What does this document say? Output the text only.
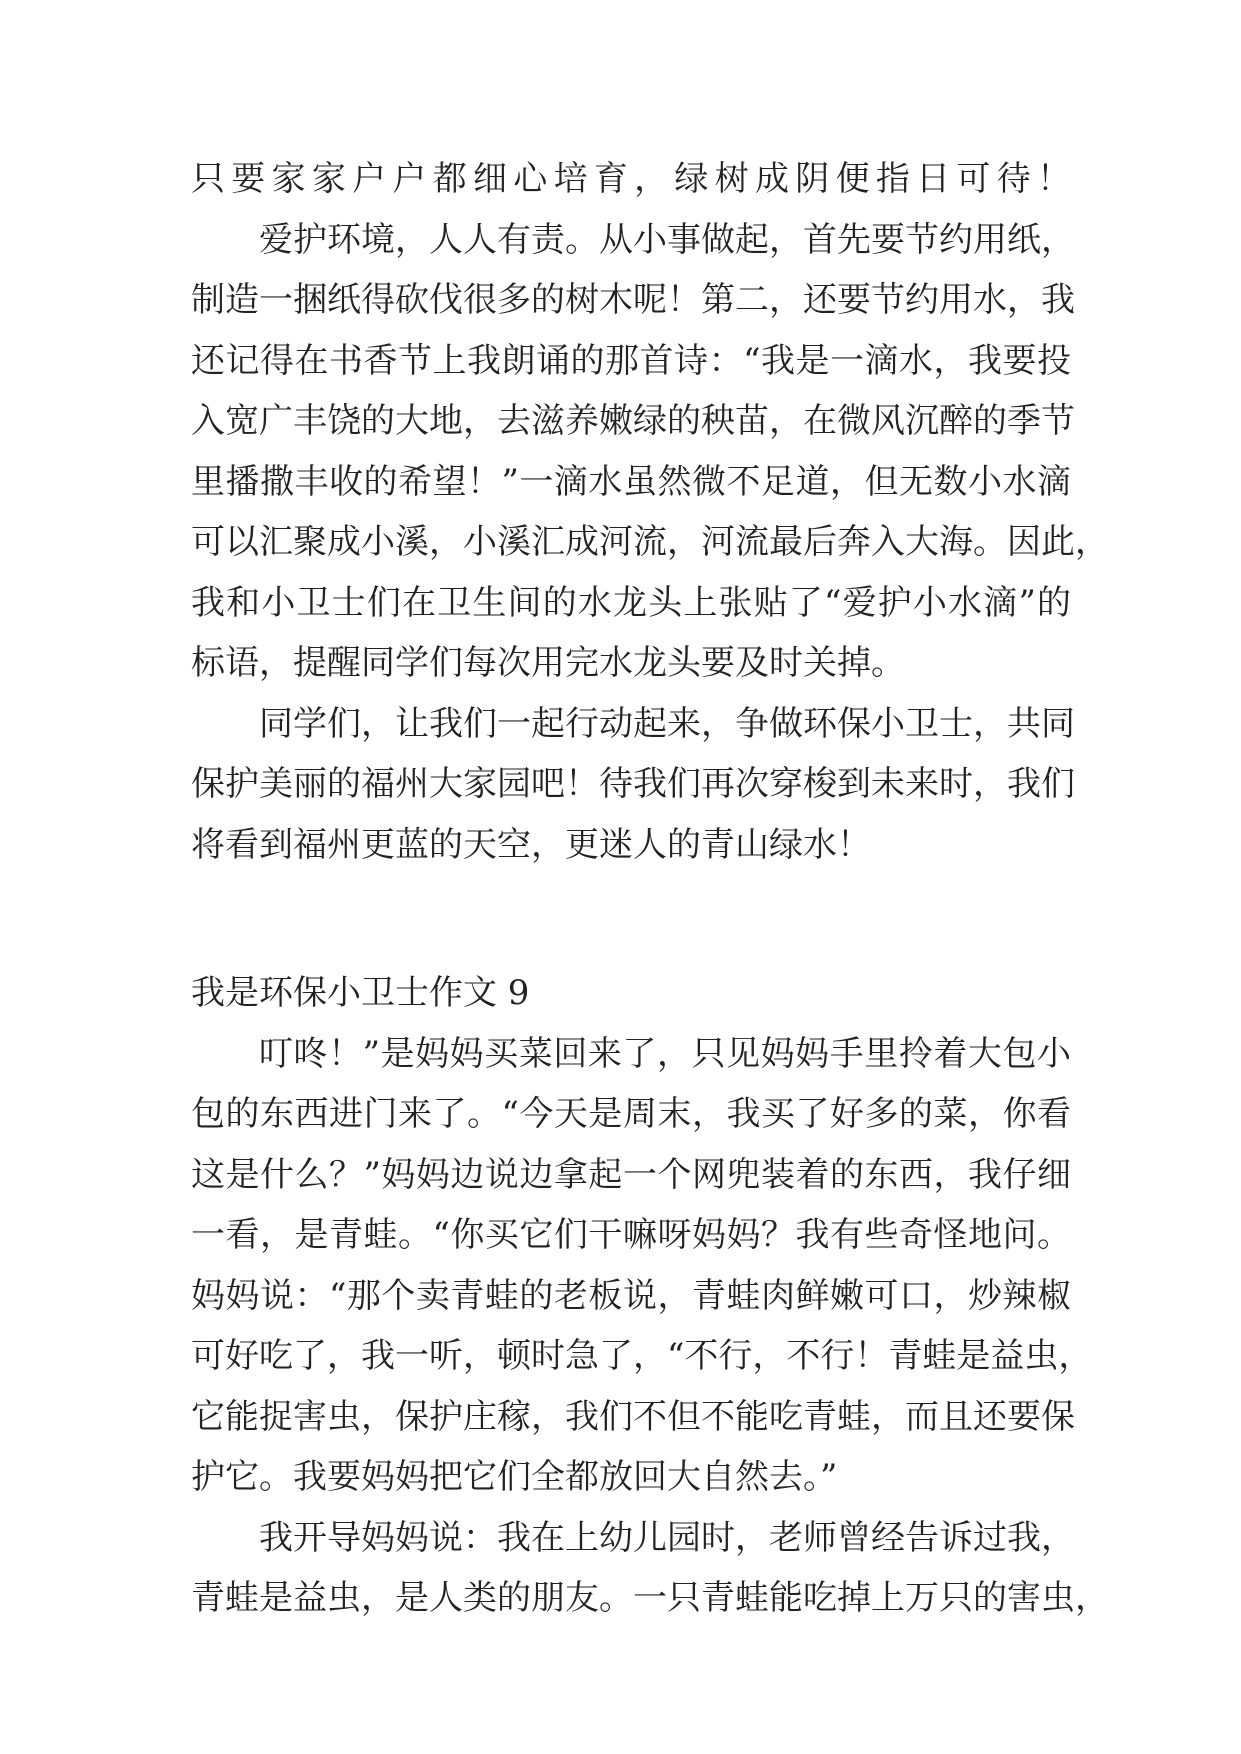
只要家家户户都细心培育，绿树成阴便指日可待！
爱护环境，人人有责。从小事做起，首先要节约用纸，
制造一捆纸得砍伐很多的树木呢！第二，还要节约用水，我
还记得在书香节上我朗诵的那首诗：“我是一滴水，我要投
入宽广丰饶的大地，去滋养嫩绿的秧苗，在微风沉醉的季节
里播撒丰收的希望！”一滴水虽然微不足道，但无数小水滴
可以汇聚成小溪，小溪汇成河流，河流最后奔入大海。因此，
我和小卫士们在卫生间的水龙头上张贴了“爱护小水滴”的
标语，提醒同学们每次用完水龙头要及时关掉。
同学们，让我们一起行动起来，争做环保小卫士，共同
保护美丽的福州大家园吧！待我们再次穿梭到未来时，我们
将看到福州更蓝的天空，更迷人的青山绿水！
我是环保小卫士作文 9
叮咚！”是妈妈买菜回来了，只见妈妈手里拎着大包小
包的东西进门来了。“今天是周末，我买了好多的菜，你看
这是什么？”妈妈边说边拿起一个网兜装着的东西，我仔细
一看，是青蛙。“你买它们干嘛呀妈妈？我有些奇怪地问。
妈妈说：“那个卖青蛙的老板说，青蛙肉鲜嫩可口，炒辣椒
可好吃了，我一听，顿时急了，“不行，不行！青蛙是益虫，
它能捉害虫，保护庄稼，我们不但不能吃青蛙，而且还要保
护它。我要妈妈把它们全都放回大自然去。”
我开导妈妈说：我在上幼儿园时，老师曾经告诉过我，
青蛙是益虫，是人类的朋友。一只青蛙能吃掉上万只的害虫，
